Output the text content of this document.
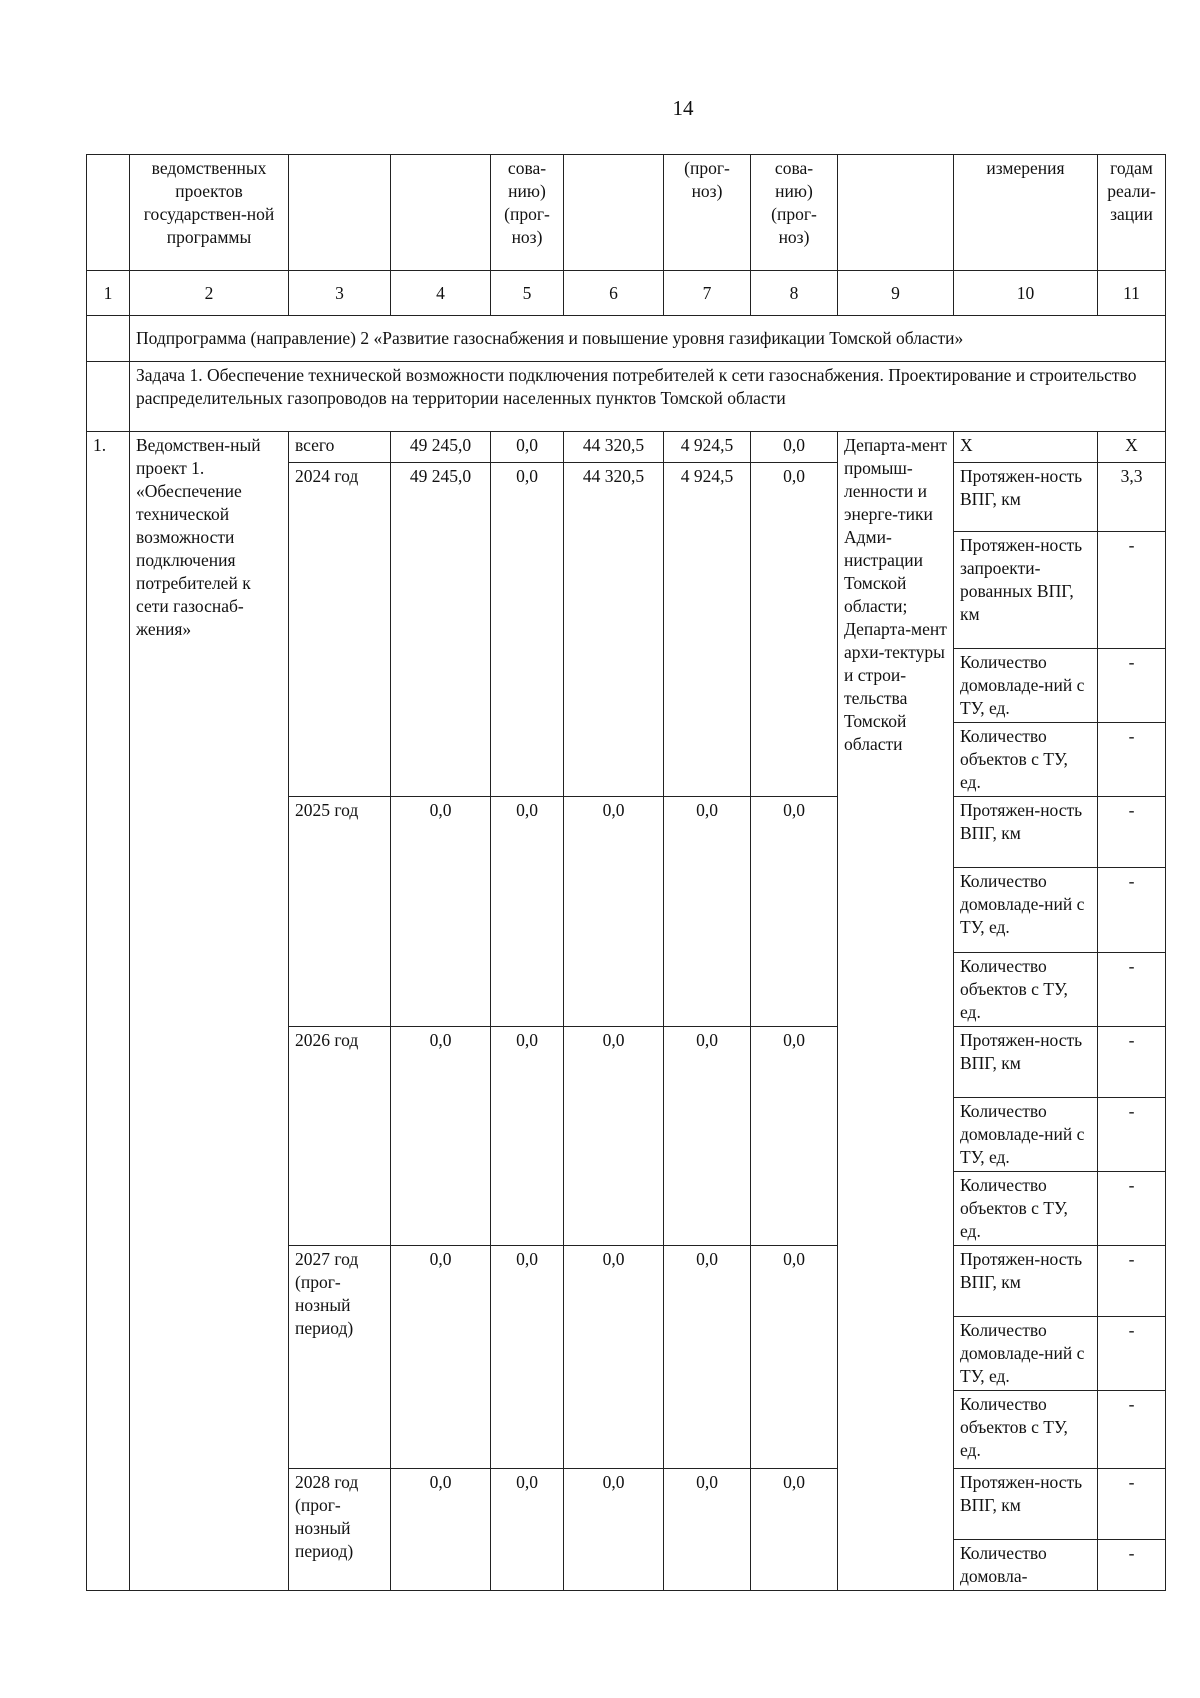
14
	ведомственных проектов государствен-ной программы			сова-нию) (прог-ноз)		(прог-ноз)	сова-нию) (прог-ноз)		измерения	годам реали-зации
1	2	3	4	5	6	7	8	9	10	11
	Подпрограмма (направление) 2 «Развитие газоснабжения и повышение уровня газификации Томской области»									
	Задача 1. Обеспечение технической возможности подключения потребителей к сети газоснабжения. Проектирование и строительство распределительных газопроводов на территории населенных пунктов Томской области									
1.	Ведомствен-ный проект 1. «Обеспечение технической возможности подключения потребителей к сети газоснаб-жения»	всего	49 245,0	0,0	44 320,5	4 924,5	0,0	Департа-мент промыш-ленности и энерге-тики Адми-нистрации Томской области; Департа-мент архи-тектуры и строи-тельства Томской области	Х	Х
		2024 год	49 245,0	0,0	44 320,5	4 924,5	0,0		Протяжен-ность ВПГ, км	3,3
									Протяжен-ность запроекти-рованных ВПГ, км	-
									Количество домовладе-ний с ТУ, ед.	-
									Количество объектов с ТУ, ед.	-
		2025 год	0,0	0,0	0,0	0,0	0,0		Протяжен-ность ВПГ, км	-
									Количество домовладе-ний с ТУ, ед.	-
									Количество объектов с ТУ, ед.	-
		2026 год	0,0	0,0	0,0	0,0	0,0		Протяжен-ность ВПГ, км	-
									Количество домовладе-ний с ТУ, ед.	-
									Количество объектов с ТУ, ед.	-
		2027 год (прог-нозный период)	0,0	0,0	0,0	0,0	0,0		Протяжен-ность ВПГ, км	-
									Количество домовладе-ний с ТУ, ед.	-
									Количество объектов с ТУ, ед.	-
		2028 год (прог-нозный период)	0,0	0,0	0,0	0,0	0,0		Протяжен-ность ВПГ, км	-
									Количество домовла-	-
